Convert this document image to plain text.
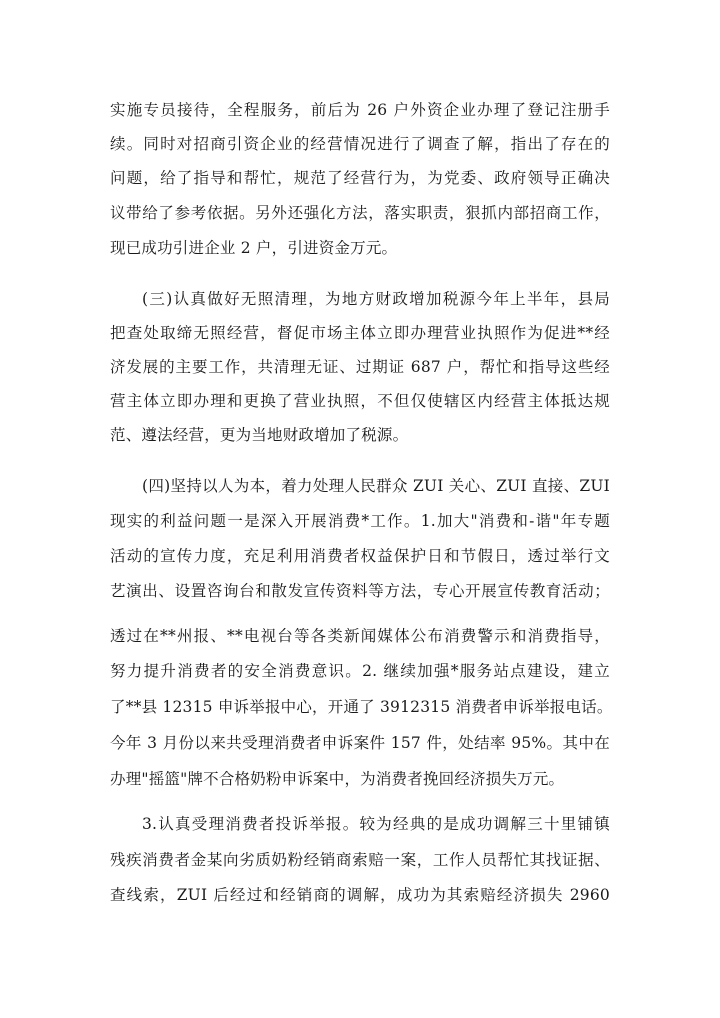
实施专员接待，全程服务，前后为 26 户外资企业办理了登记注册手
续。同时对招商引资企业的经营情况进行了调查了解，指出了存在的
问题，给了指导和帮忙，规范了经营行为，为党委、政府领导正确决
议带给了参考依据。另外还强化方法，落实职责，狠抓内部招商工作，
现已成功引进企业 2 户，引进资金万元。
(三)认真做好无照清理，为地方财政增加税源今年上半年，县局
把查处取缔无照经营，督促市场主体立即办理营业执照作为促进**经
济发展的主要工作，共清理无证、过期证 687 户，帮忙和指导这些经
营主体立即办理和更换了营业执照，不但仅使辖区内经营主体抵达规
范、遵法经营，更为当地财政增加了税源。
(四)坚持以人为本，着力处理人民群众 ZUI 关心、ZUI 直接、ZUI
现实的利益问题一是深入开展消费*工作。1.加大"消费和-谐"年专题
活动的宣传力度，充足利用消费者权益保护日和节假日，透过举行文
艺演出、设置咨询台和散发宣传资料等方法，专心开展宣传教育活动；
透过在**州报、**电视台等各类新闻媒体公布消费警示和消费指导，
努力提升消费者的安全消费意识。2. 继续加强*服务站点建设，建立
了**县 12315 申诉举报中心，开通了 3912315 消费者申诉举报电话。
今年 3 月份以来共受理消费者申诉案件 157 件，处结率 95%。其中在
办理"摇篮"牌不合格奶粉申诉案中，为消费者挽回经济损失万元。
3.认真受理消费者投诉举报。较为经典的是成功调解三十里铺镇
残疾消费者金某向劣质奶粉经销商索赔一案，工作人员帮忙其找证据、
查线索，ZUI 后经过和经销商的调解，成功为其索赔经济损失 2960
